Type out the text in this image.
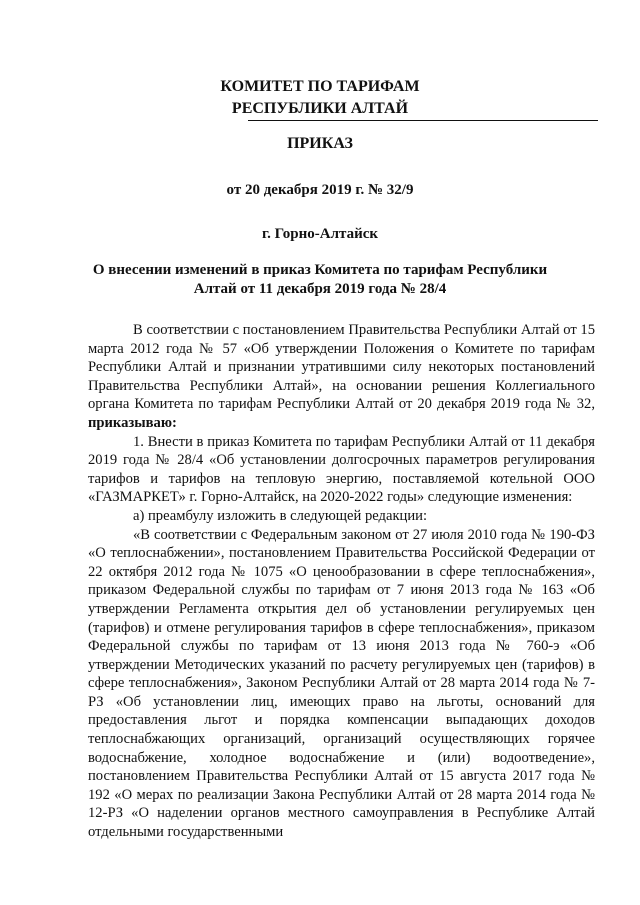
КОМИТЕТ ПО ТАРИФАМ
РЕСПУБЛИКИ АЛТАЙ
ПРИКАЗ
от 20 декабря 2019 г. № 32/9
г. Горно-Алтайск
О внесении изменений в приказ Комитета по тарифам Республики
Алтай от 11 декабря 2019 года № 28/4

В соответствии с постановлением Правительства Республики Алтай от 15 марта 2012 года № 57 «Об утверждении Положения о Комитете по тарифам Республики Алтай и признании утратившими силу некоторых постановлений Правительства Республики Алтай», на основании решения Коллегиального органа Комитета по тарифам Республики Алтай от 20 декабря 2019 года № 32, приказываю:

1. Внести в приказ Комитета по тарифам Республики Алтай от 11 декабря 2019 года № 28/4 «Об установлении долгосрочных параметров регулирования тарифов и тарифов на тепловую энергию, поставляемой котельной ООО «ГАЗМАРКЕТ» г. Горно-Алтайск, на 2020-2022 годы» следующие изменения:

а) преамбулу изложить в следующей редакции:

«В соответствии с Федеральным законом от 27 июля 2010 года № 190-ФЗ «О теплоснабжении», постановлением Правительства Российской Федерации от 22 октября 2012 года № 1075 «О ценообразовании в сфере теплоснабжения», приказом Федеральной службы по тарифам от 7 июня 2013 года № 163 «Об утверждении Регламента открытия дел об установлении регулируемых цен (тарифов) и отмене регулирования тарифов в сфере теплоснабжения», приказом Федеральной службы по тарифам от 13 июня 2013 года № 760-э «Об утверждении Методических указаний по расчету регулируемых цен (тарифов) в сфере теплоснабжения», Законом Республики Алтай от 28 марта 2014 года № 7-РЗ «Об установлении лиц, имеющих право на льготы, оснований для предоставления льгот и порядка компенсации выпадающих доходов теплоснабжающих организаций, организаций осуществляющих горячее водоснабжение, холодное водоснабжение и (или) водоотведение», постановлением Правительства Республики Алтай от 15 августа 2017 года № 192 «О мерах по реализации Закона Республики Алтай от 28 марта 2014 года № 12-РЗ «О наделении органов местного самоуправления в Республике Алтай отдельными государственными
